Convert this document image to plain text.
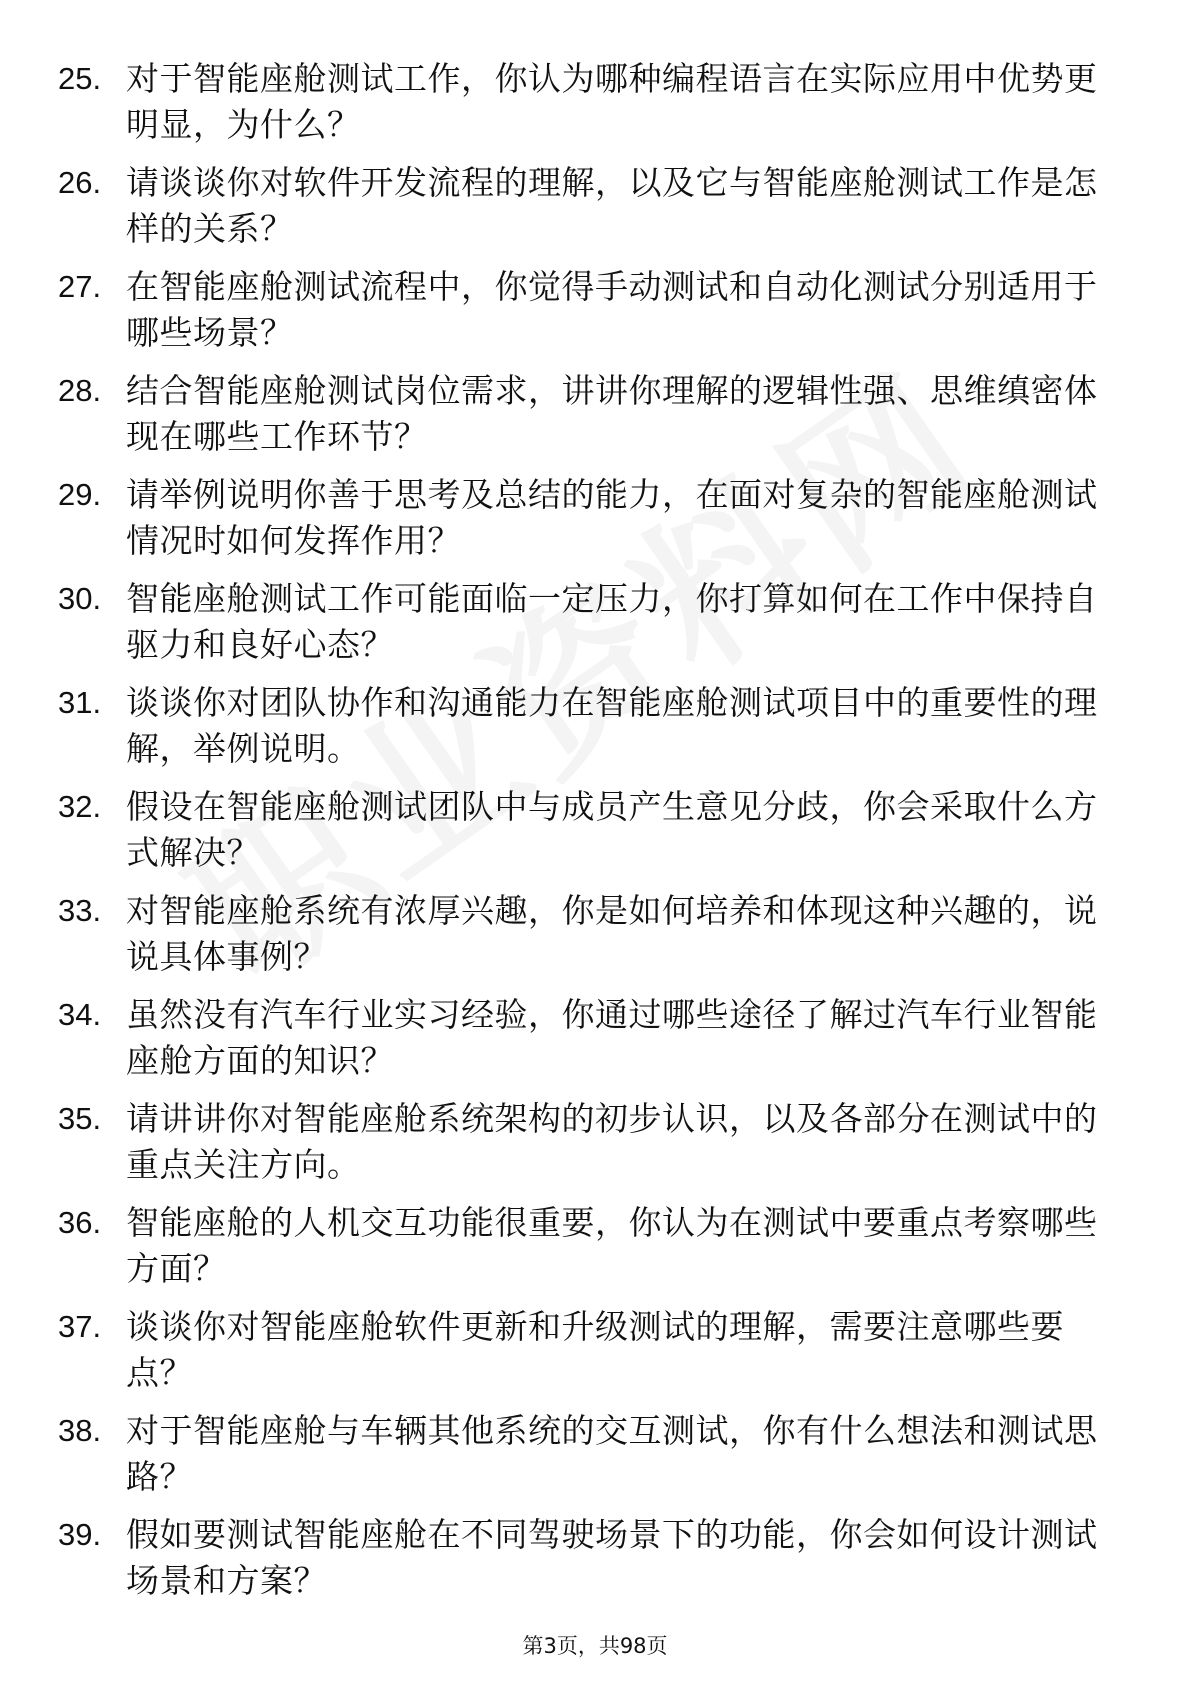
25. 对于智能座舱测试工作，你认为哪种编程语言在实际应用中优势更明显，为什么？
26. 请谈谈你对软件开发流程的理解，以及它与智能座舱测试工作是怎样的关系？
27. 在智能座舱测试流程中，你觉得手动测试和自动化测试分别适用于哪些场景？
28. 结合智能座舱测试岗位需求，讲讲你理解的逻辑性强、思维缜密体现在哪些工作环节？
29. 请举例说明你善于思考及总结的能力，在面对复杂的智能座舱测试情况时如何发挥作用？
30. 智能座舱测试工作可能面临一定压力，你打算如何在工作中保持自驱力和良好心态？
31. 谈谈你对团队协作和沟通能力在智能座舱测试项目中的重要性的理解，举例说明。
32. 假设在智能座舱测试团队中与成员产生意见分歧，你会采取什么方式解决？
33. 对智能座舱系统有浓厚兴趣，你是如何培养和体现这种兴趣的，说说具体事例？
34. 虽然没有汽车行业实习经验，你通过哪些途径了解过汽车行业智能座舱方面的知识？
35. 请讲讲你对智能座舱系统架构的初步认识，以及各部分在测试中的重点关注方向。
36. 智能座舱的人机交互功能很重要，你认为在测试中要重点考察哪些方面？
37. 谈谈你对智能座舱软件更新和升级测试的理解，需要注意哪些要点？
38. 对于智能座舱与车辆其他系统的交互测试，你有什么想法和测试思路？
39. 假如要测试智能座舱在不同驾驶场景下的功能，你会如何设计测试场景和方案？
第3页，共98页
